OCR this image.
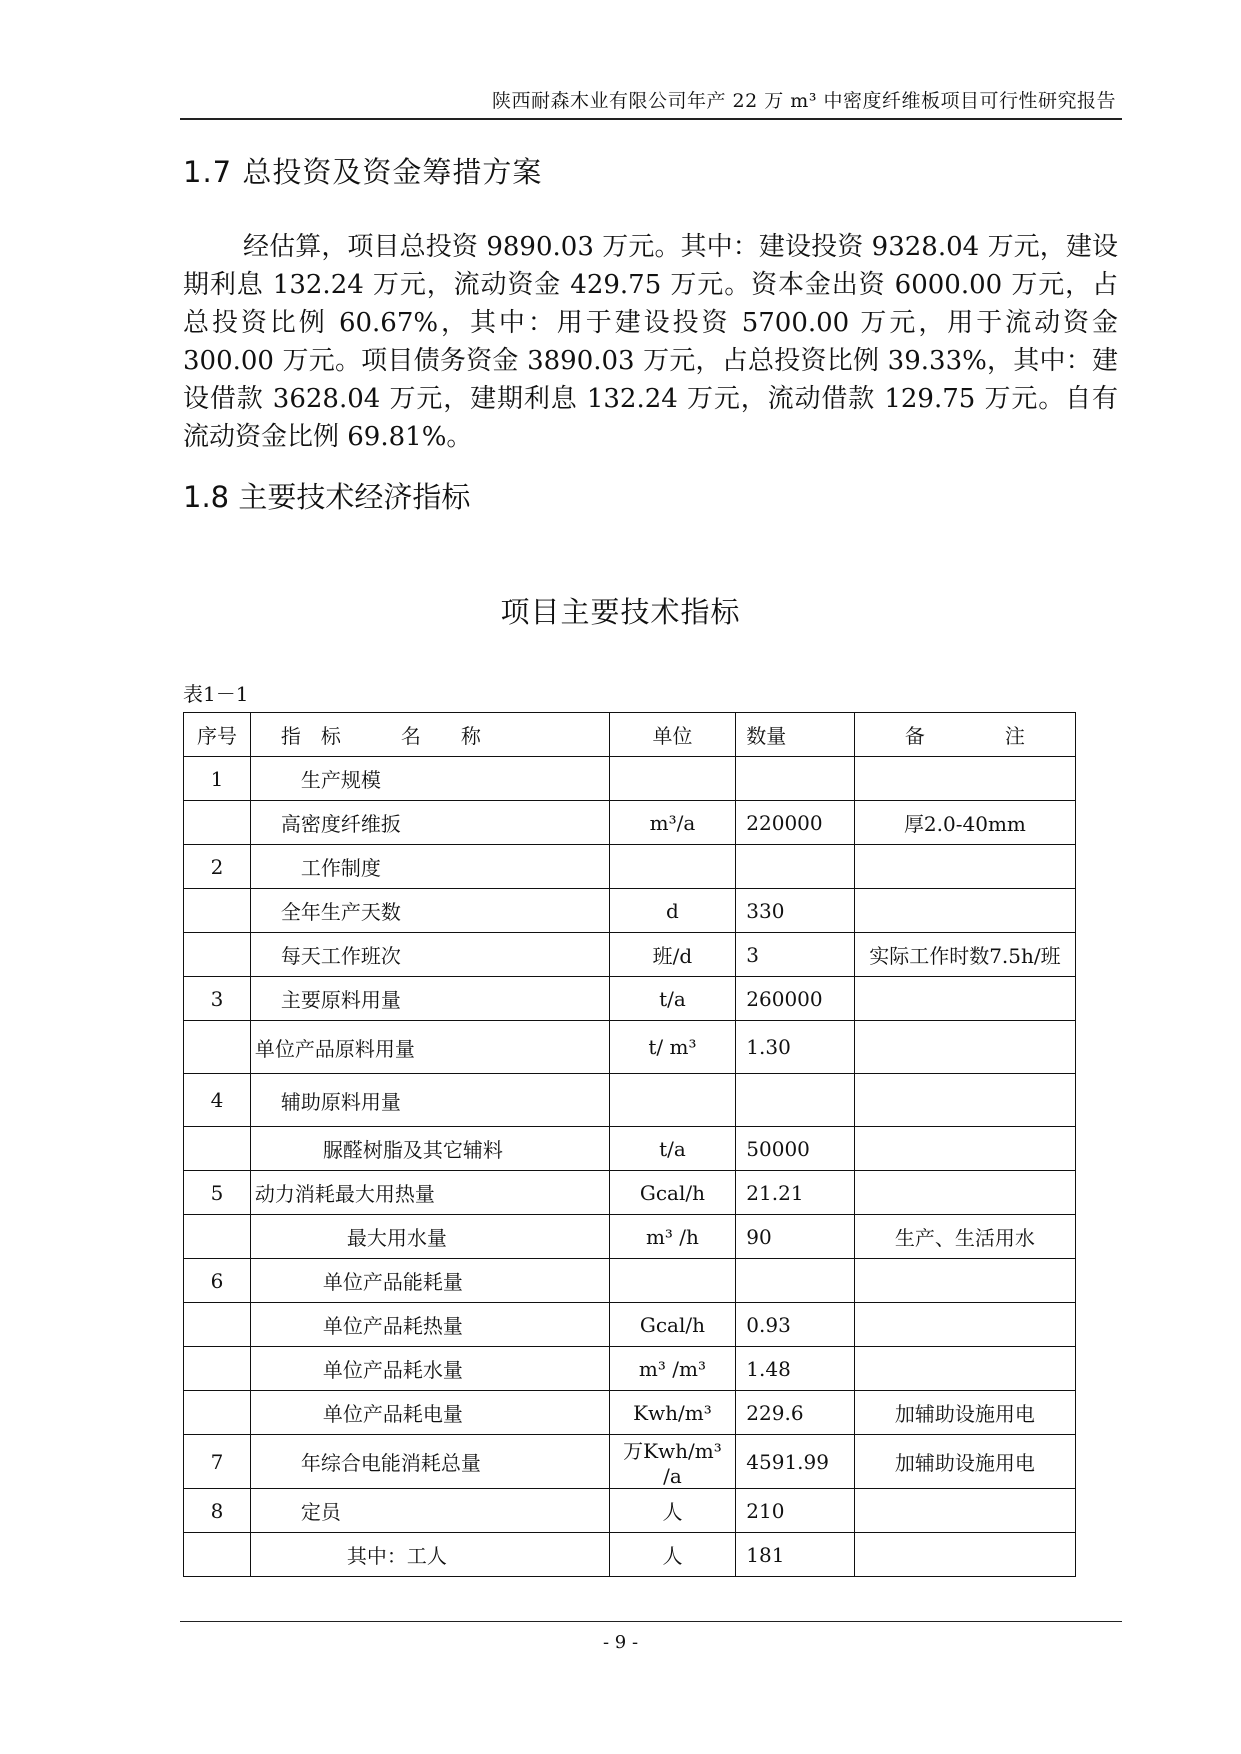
陕西耐森木业有限公司年产 22 万 m³ 中密度纤维板项目可行性研究报告
1.7 总投资及资金筹措方案
经估算，项目总投资 9890.03 万元。其中：建设投资 9328.04 万元，建设期利息 132.24 万元，流动资金 429.75 万元。资本金出资 6000.00 万元，占总投资比例 60.67%，其中：用于建设投资 5700.00 万元，用于流动资金 300.00 万元。项目债务资金 3890.03 万元，占总投资比例 39.33%，其中：建设借款 3628.04 万元，建期利息 132.24 万元，流动借款 129.75 万元。自有流动资金比例 69.81%。
1.8 主要技术经济指标
项目主要技术指标
表1－1
序号	指　标　　　名　　称	单位	数量	备　　　　注
1	生产规模			
	高密度纤维扳	m³/a	220000	厚2.0-40mm
2	工作制度			
	全年生产天数	d	330	
	每天工作班次	班/d	3	实际工作时数7.5h/班
3	主要原料用量	t/a	260000	
	单位产品原料用量	t/ m³	1.30	
4	辅助原料用量			
	脲醛树脂及其它辅料	t/a	50000	
5	动力消耗最大用热量	Gcal/h	21.21	
	最大用水量	m³ /h	90	生产、生活用水
6	单位产品能耗量			
	单位产品耗热量	Gcal/h	0.93	
	单位产品耗水量	m³ /m³	1.48	
	单位产品耗电量	Kwh/m³	229.6	加辅助设施用电
7	年综合电能消耗总量	万Kwh/m³ /a	4591.99	加辅助设施用电
8	定员	人	210	
	其中：工人	人	181	
- 9 -
